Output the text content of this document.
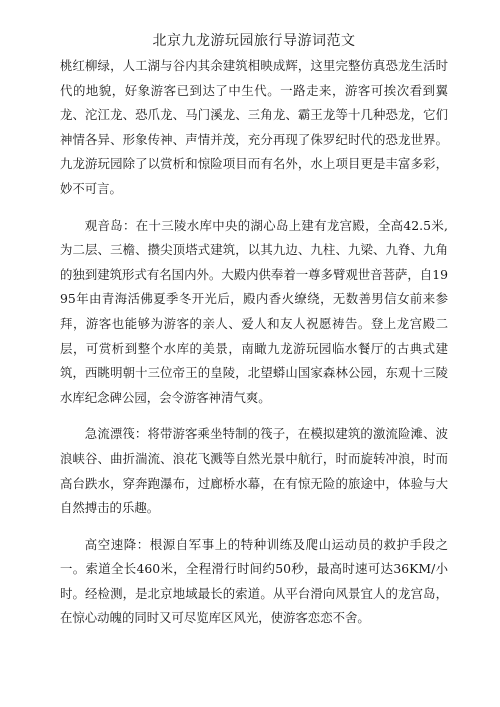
北京九龙游玩园旅行导游词范文

桃红柳绿，人工湖与谷内其余建筑相映成辉，这里完整仿真恐龙生活时代的地貌，好象游客已到达了中生代。一路走来，游客可挨次看到翼龙、沱江龙、恐爪龙、马门溪龙、三角龙、霸王龙等十几种恐龙，它们神情各异、形象传神、声情并茂，充分再现了侏罗纪时代的恐龙世界。九龙游玩园除了以赏析和惊险项目而有名外，水上项目更是丰富多彩，妙不可言。

观音岛：在十三陵水库中央的湖心岛上建有龙宫殿，全高42.5米,为二层、三檐、攒尖顶塔式建筑，以其九边、九柱、九梁、九脊、九角的独到建筑形式有名国内外。大殿内供奉着一尊多臂观世音菩萨，自1995年由青海活佛夏季冬开光后，殿内香火缭绕，无数善男信女前来参拜，游客也能够为游客的亲人、爱人和友人祝愿祷告。登上龙宫殿二层，可赏析到整个水库的美景，南瞰九龙游玩园临水餐厅的古典式建筑，西眺明朝十三位帝王的皇陵，北望蟒山国家森林公园，东观十三陵水库纪念碑公园，会令游客神清气爽。

急流漂筏：将带游客乘坐特制的筏子，在模拟建筑的激流险滩、波浪峡谷、曲折湍流、浪花飞溅等自然光景中航行，时而旋转冲浪，时而高台跌水，穿奔跑瀑布，过廊桥水幕，在有惊无险的旅途中，体验与大自然搏击的乐趣。

高空速降：根源自军事上的特种训练及爬山运动员的救护手段之一。索道全长460米，全程滑行时间约50秒，最高时速可达36KM/小时。经检测，是北京地域最长的索道。从平台滑向风景宜人的龙宫岛，在惊心动魄的同时又可尽览库区风光，使游客恋恋不舍。
